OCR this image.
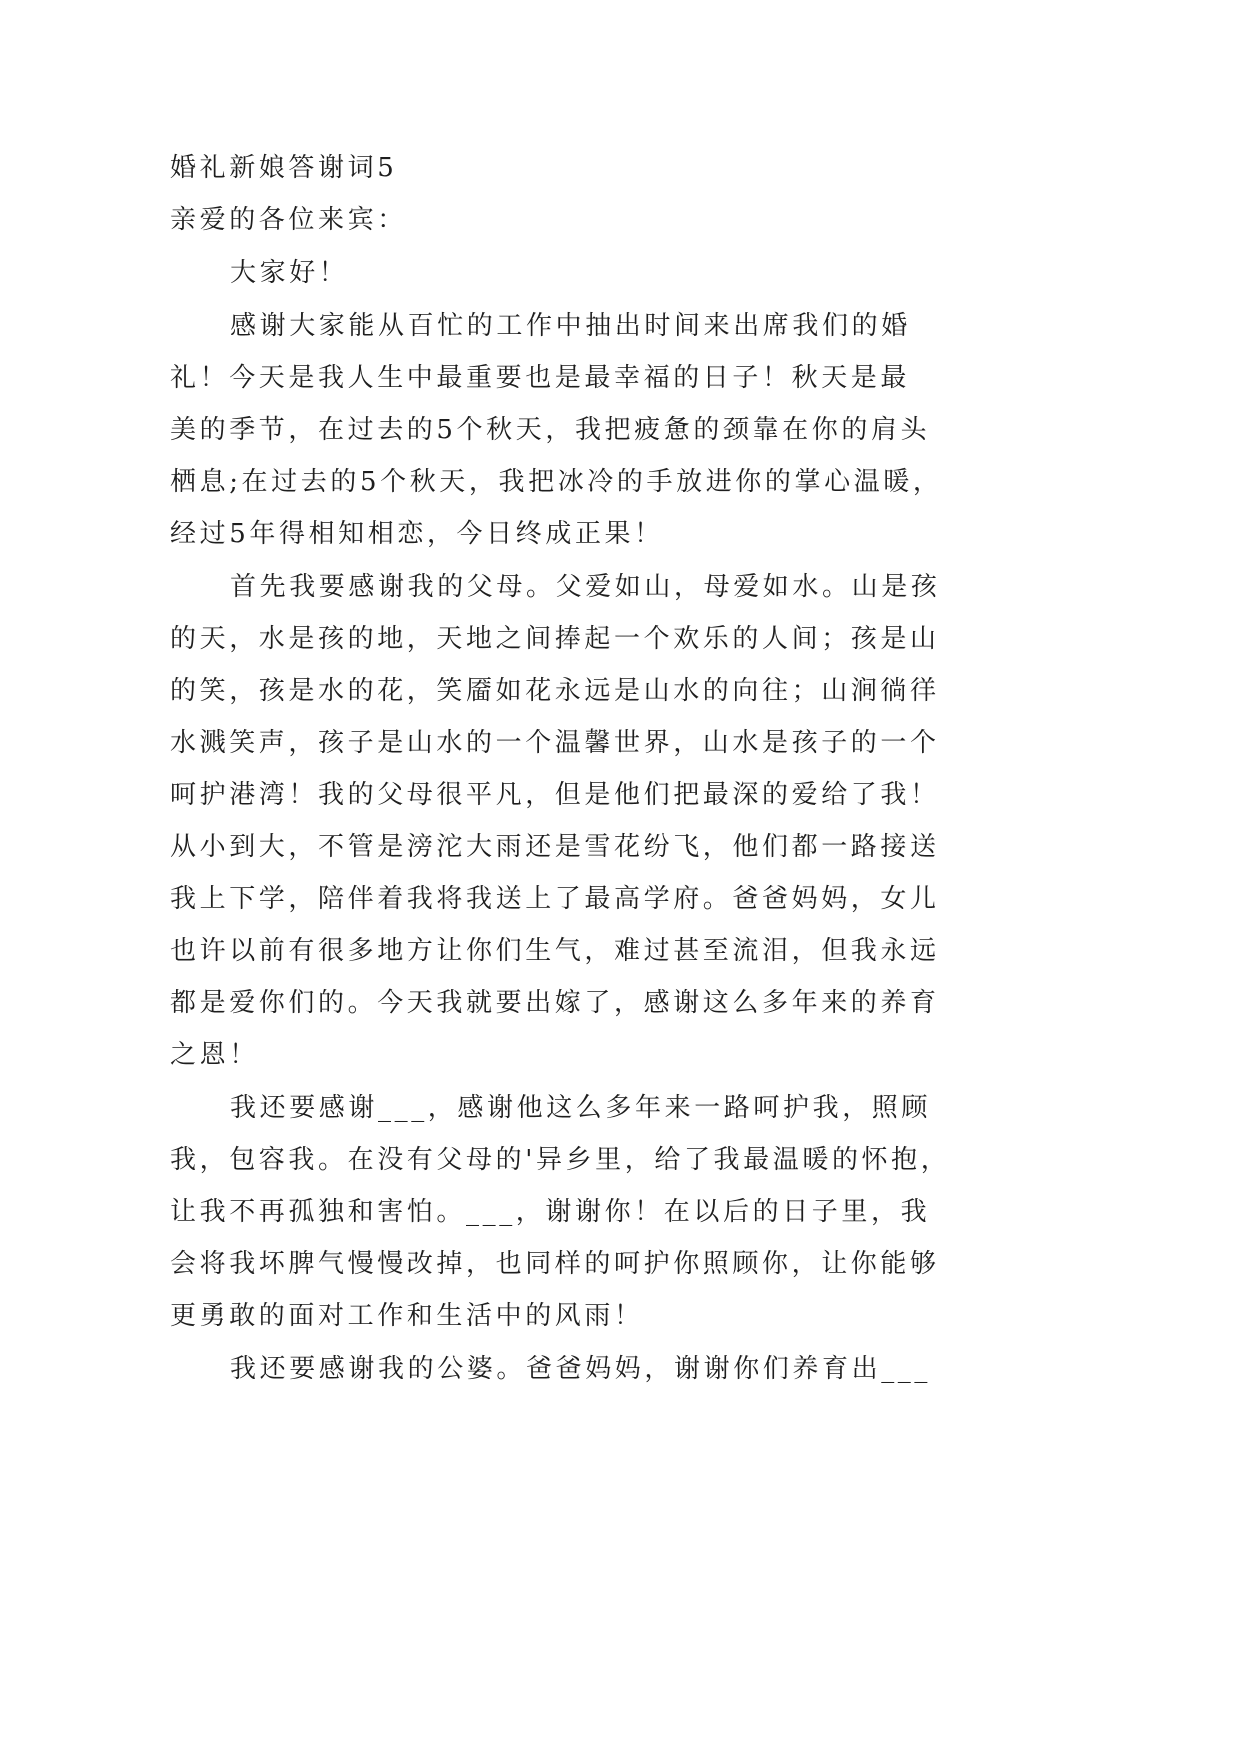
婚礼新娘答谢词5
亲爱的各位来宾：
大家好！
感谢大家能从百忙的工作中抽出时间来出席我们的婚
礼！今天是我人生中最重要也是最幸福的日子！秋天是最
美的季节，在过去的5个秋天，我把疲惫的颈靠在你的肩头
栖息;在过去的5个秋天，我把冰冷的手放进你的掌心温暖，
经过5年得相知相恋，今日终成正果！
首先我要感谢我的父母。父爱如山，母爱如水。山是孩
的天，水是孩的地，天地之间捧起一个欢乐的人间；孩是山
的笑，孩是水的花，笑靥如花永远是山水的向往；山涧徜徉
水溅笑声，孩子是山水的一个温馨世界，山水是孩子的一个
呵护港湾！我的父母很平凡，但是他们把最深的爱给了我！
从小到大，不管是滂沱大雨还是雪花纷飞，他们都一路接送
我上下学，陪伴着我将我送上了最高学府。爸爸妈妈，女儿
也许以前有很多地方让你们生气，难过甚至流泪，但我永远
都是爱你们的。今天我就要出嫁了，感谢这么多年来的养育
之恩！
我还要感谢___，感谢他这么多年来一路呵护我，照顾
我，包容我。在没有父母的'异乡里，给了我最温暖的怀抱，
让我不再孤独和害怕。___，谢谢你！在以后的日子里，我
会将我坏脾气慢慢改掉，也同样的呵护你照顾你，让你能够
更勇敢的面对工作和生活中的风雨！
我还要感谢我的公婆。爸爸妈妈，谢谢你们养育出___
